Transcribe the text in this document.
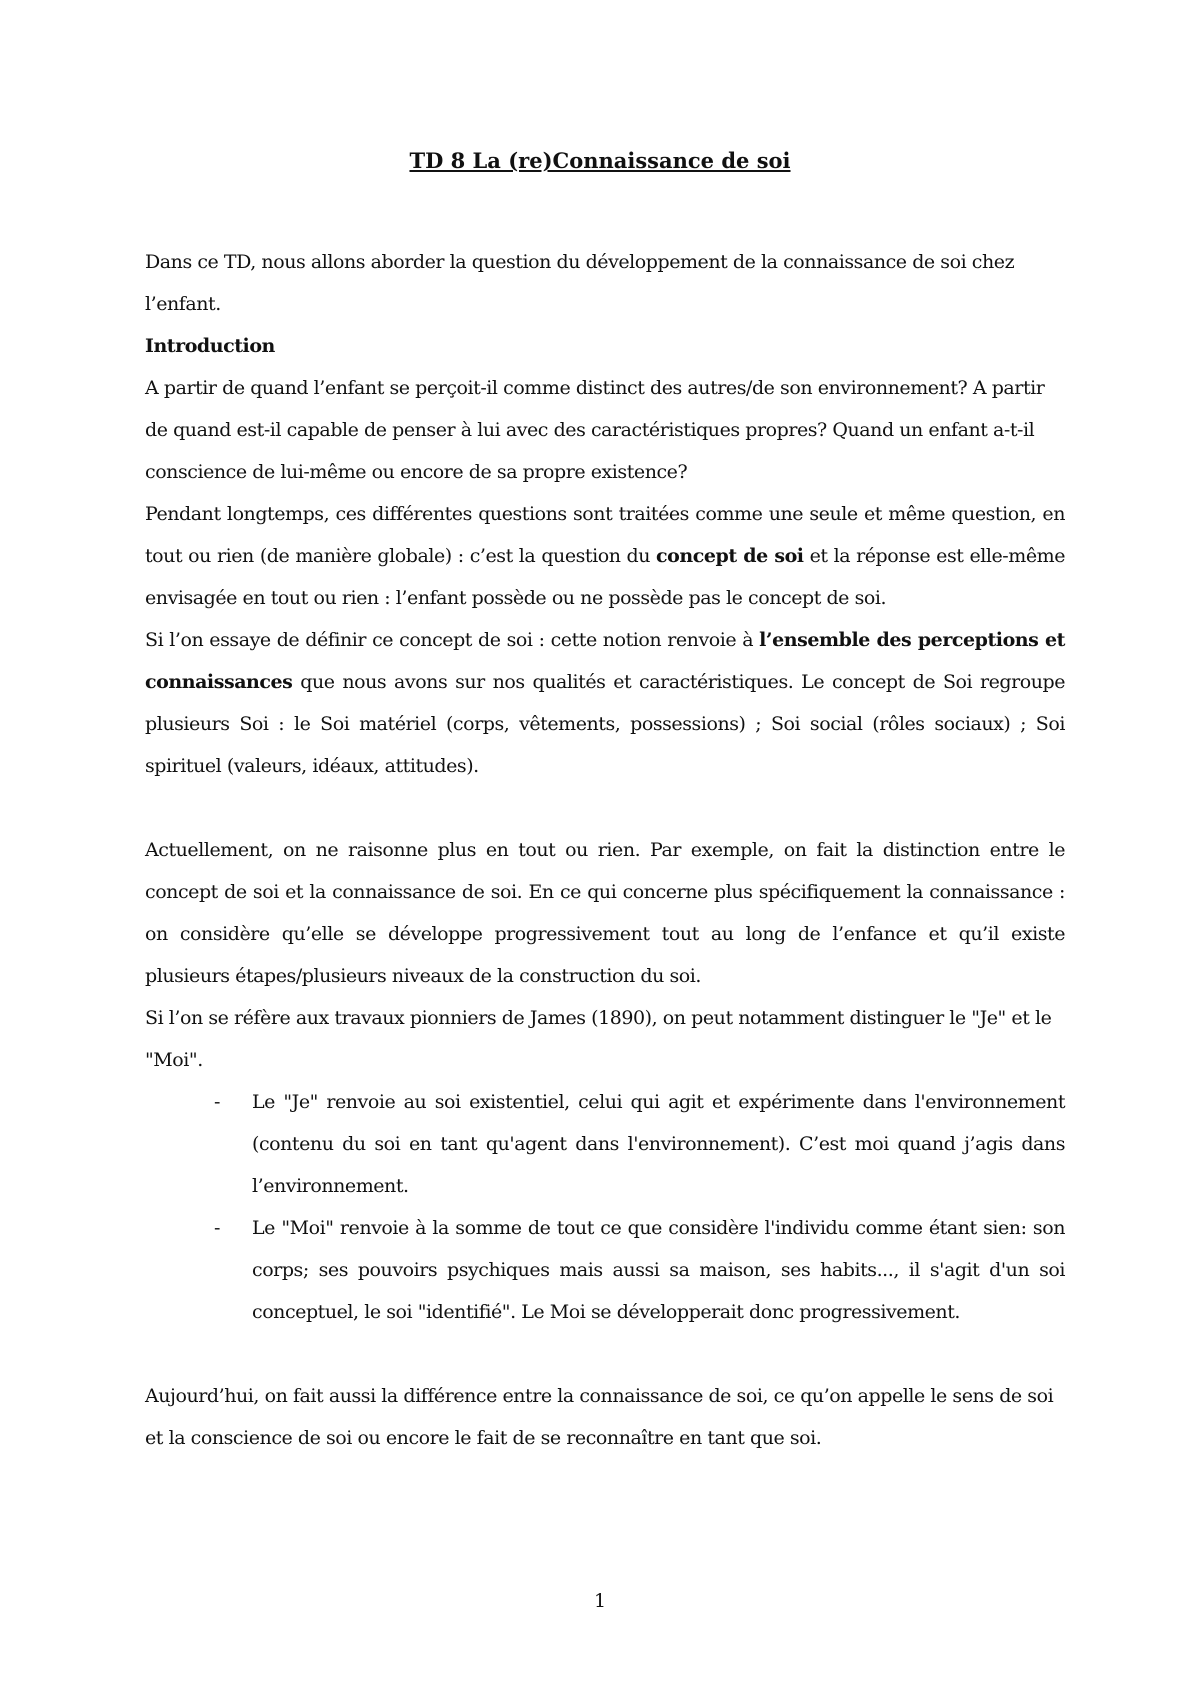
TD 8 La (re)Connaissance de soi

Dans ce TD, nous allons aborder la question du développement de la connaissance de soi chez l’enfant.

Introduction

A partir de quand l’enfant se perçoit-il comme distinct des autres/de son environnement? A partir de quand est-il capable de penser à lui avec des caractéristiques propres? Quand un enfant a-t-il conscience de lui-même ou encore de sa propre existence?

Pendant longtemps, ces différentes questions sont traitées comme une seule et même question, en tout ou rien (de manière globale) : c’est la question du concept de soi et la réponse est elle-même envisagée en tout ou rien : l’enfant possède ou ne possède pas le concept de soi.

Si l’on essaye de définir ce concept de soi : cette notion renvoie à l’ensemble des perceptions et connaissances que nous avons sur nos qualités et caractéristiques. Le concept de Soi regroupe plusieurs Soi : le Soi matériel (corps, vêtements, possessions) ; Soi social (rôles sociaux) ; Soi spirituel (valeurs, idéaux, attitudes).

Actuellement, on ne raisonne plus en tout ou rien. Par exemple, on fait la distinction entre le concept de soi et la connaissance de soi. En ce qui concerne plus spécifiquement la connaissance : on considère qu’elle se développe progressivement tout au long de l’enfance et qu’il existe plusieurs étapes/plusieurs niveaux de la construction du soi.

Si l’on se réfère aux travaux pionniers de James (1890), on peut notamment distinguer le "Je" et le "Moi".

- Le "Je" renvoie au soi existentiel, celui qui agit et expérimente dans l'environnement (contenu du soi en tant qu'agent dans l'environnement). C’est moi quand j’agis dans l’environnement.
- Le "Moi" renvoie à la somme de tout ce que considère l'individu comme étant sien: son corps; ses pouvoirs psychiques mais aussi sa maison, ses habits..., il s'agit d'un soi conceptuel, le soi "identifié". Le Moi se développerait donc progressivement.

Aujourd’hui, on fait aussi la différence entre la connaissance de soi, ce qu’on appelle le sens de soi et la conscience de soi ou encore le fait de se reconnaître en tant que soi.

1
